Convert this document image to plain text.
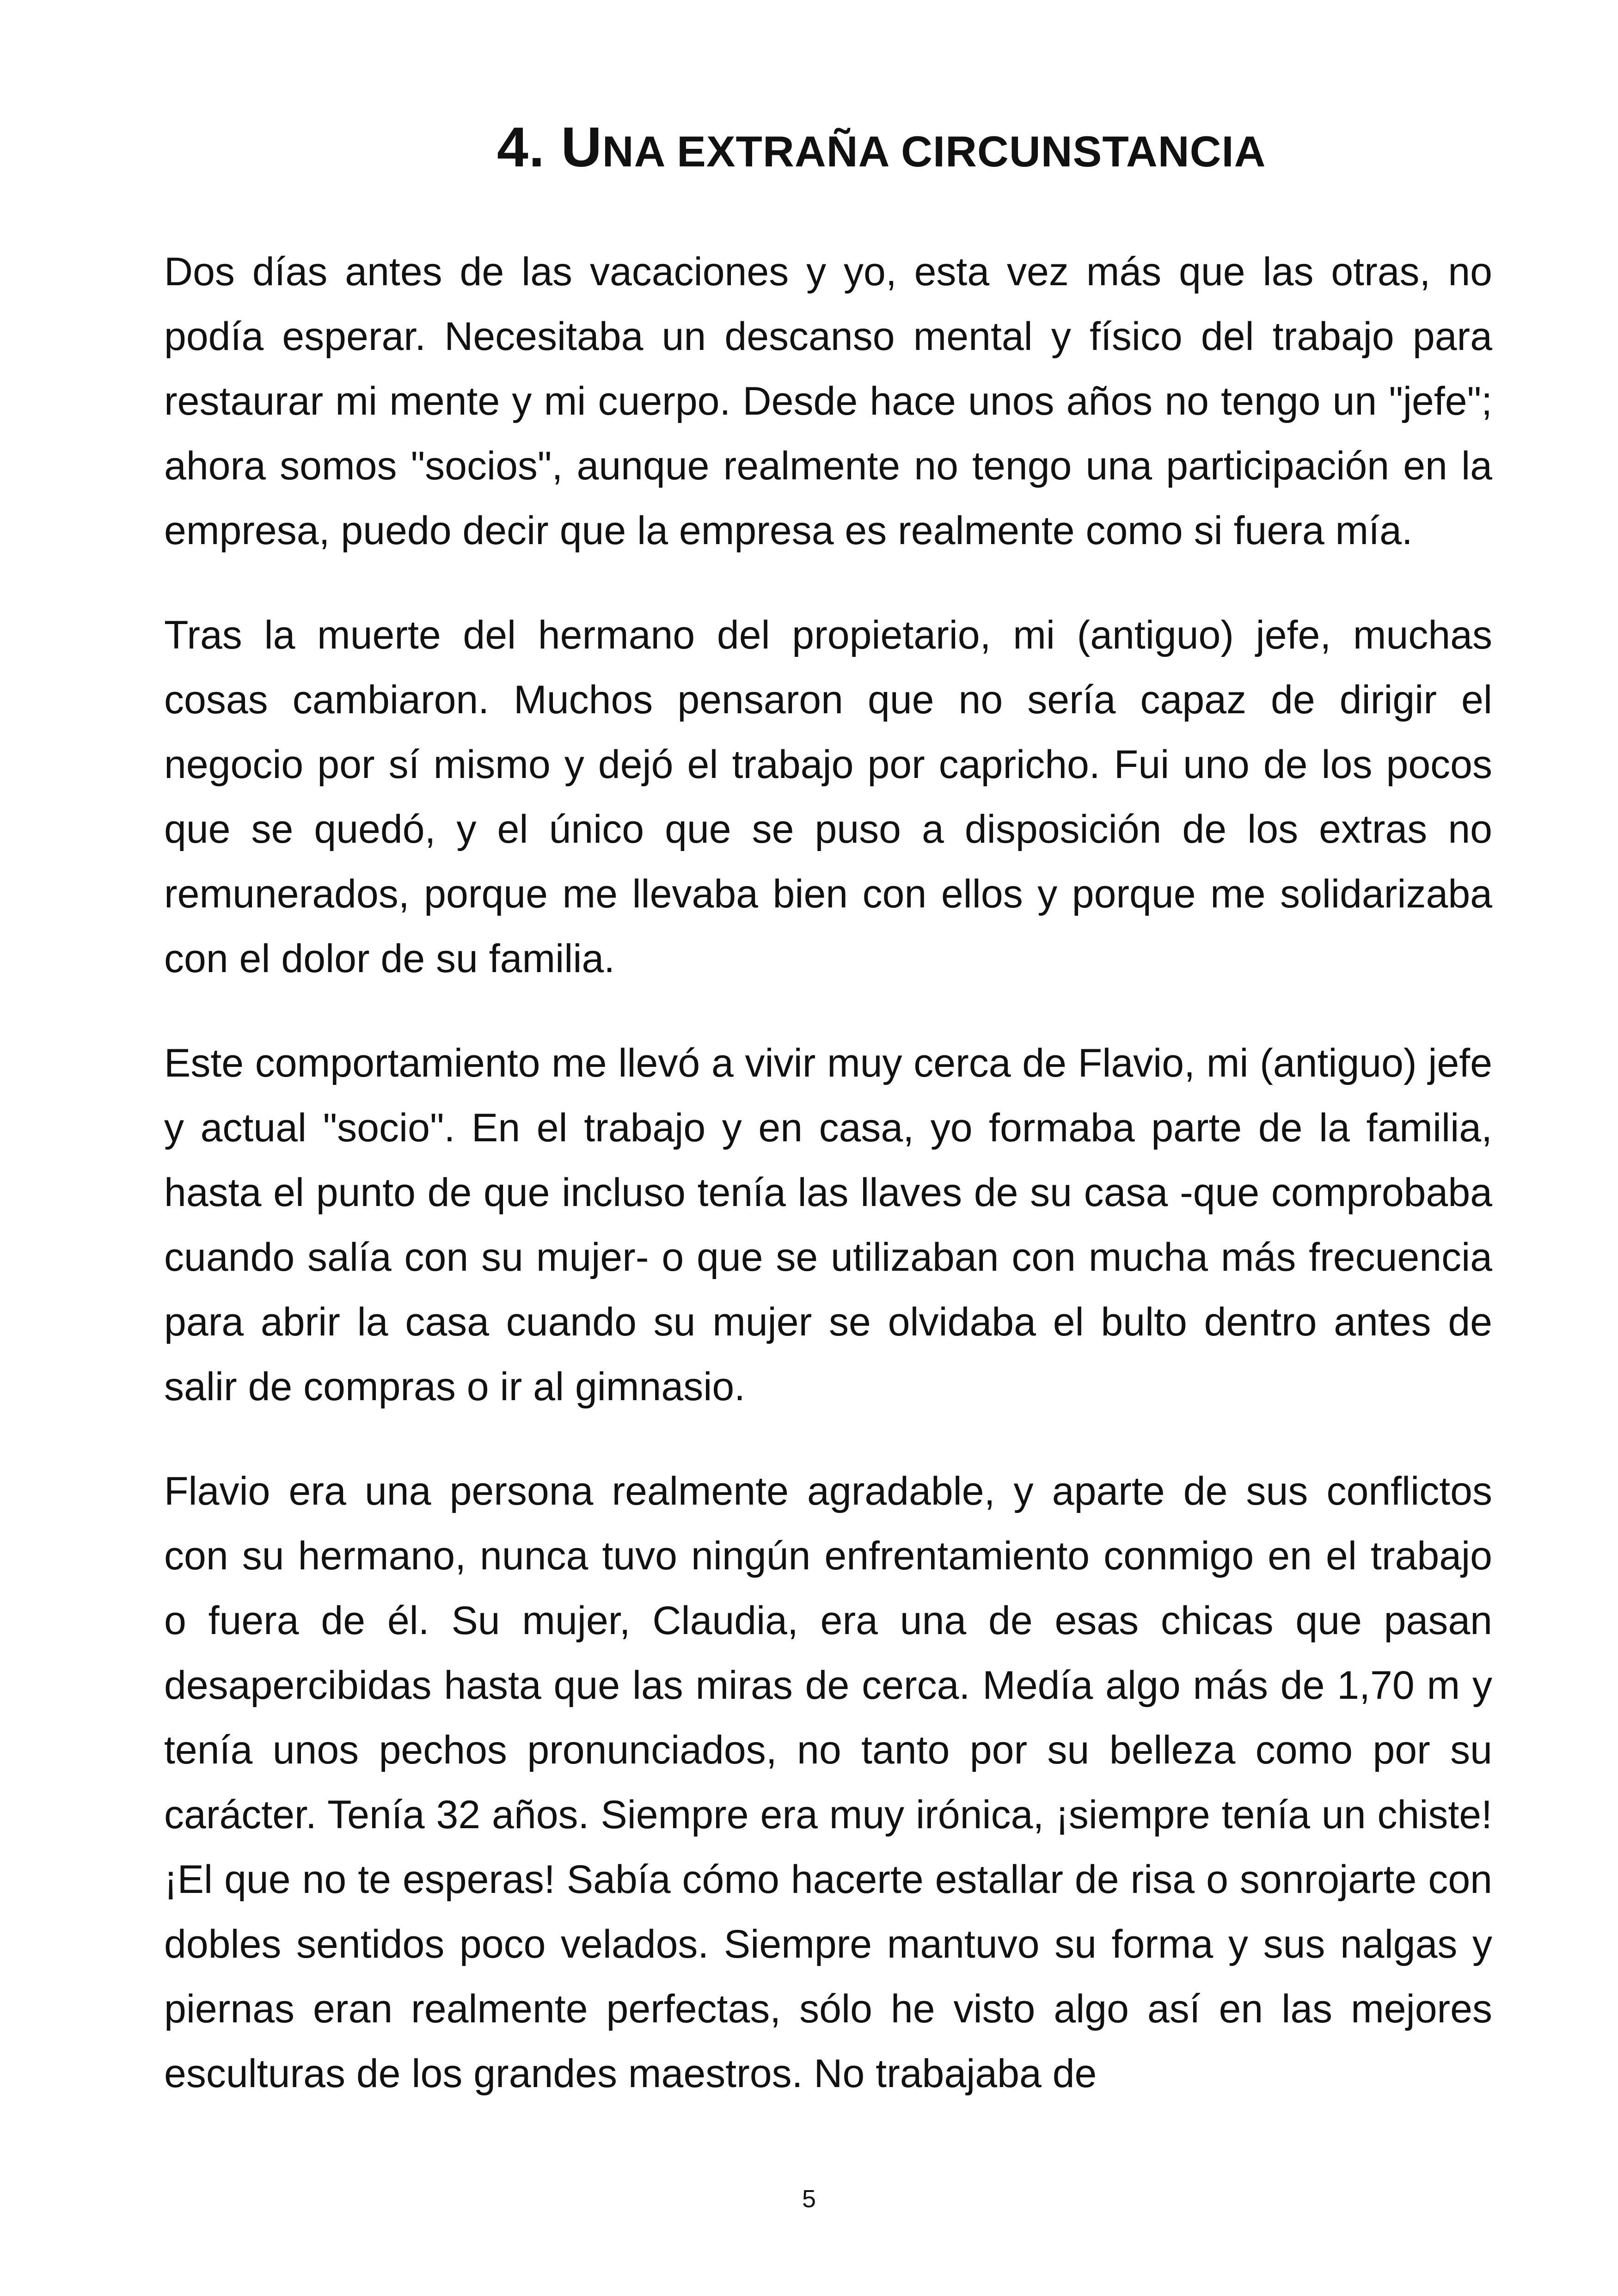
4. UNA EXTRAÑA CIRCUNSTANCIA

Dos días antes de las vacaciones y yo, esta vez más que las otras, no podía esperar. Necesitaba un descanso mental y físico del trabajo para restaurar mi mente y mi cuerpo. Desde hace unos años no tengo un "jefe"; ahora somos "socios", aunque realmente no tengo una participación en la empresa, puedo decir que la empresa es realmente como si fuera mía.

Tras la muerte del hermano del propietario, mi (antiguo) jefe, muchas cosas cambiaron. Muchos pensaron que no sería capaz de dirigir el negocio por sí mismo y dejó el trabajo por capricho. Fui uno de los pocos que se quedó, y el único que se puso a disposición de los extras no remunerados, porque me llevaba bien con ellos y porque me solidarizaba con el dolor de su familia.

Este comportamiento me llevó a vivir muy cerca de Flavio, mi (antiguo) jefe y actual "socio". En el trabajo y en casa, yo formaba parte de la familia, hasta el punto de que incluso tenía las llaves de su casa -que comprobaba cuando salía con su mujer- o que se utilizaban con mucha más frecuencia para abrir la casa cuando su mujer se olvidaba el bulto dentro antes de salir de compras o ir al gimnasio.

Flavio era una persona realmente agradable, y aparte de sus conflictos con su hermano, nunca tuvo ningún enfrentamiento conmigo en el trabajo o fuera de él. Su mujer, Claudia, era una de esas chicas que pasan desapercibidas hasta que las miras de cerca. Medía algo más de 1,70 m y tenía unos pechos pronunciados, no tanto por su belleza como por su carácter. Tenía 32 años. Siempre era muy irónica, ¡siempre tenía un chiste! ¡El que no te esperas! Sabía cómo hacerte estallar de risa o sonrojarte con dobles sentidos poco velados. Siempre mantuvo su forma y sus nalgas y piernas eran realmente perfectas, sólo he visto algo así en las mejores esculturas de los grandes maestros. No trabajaba de

5
